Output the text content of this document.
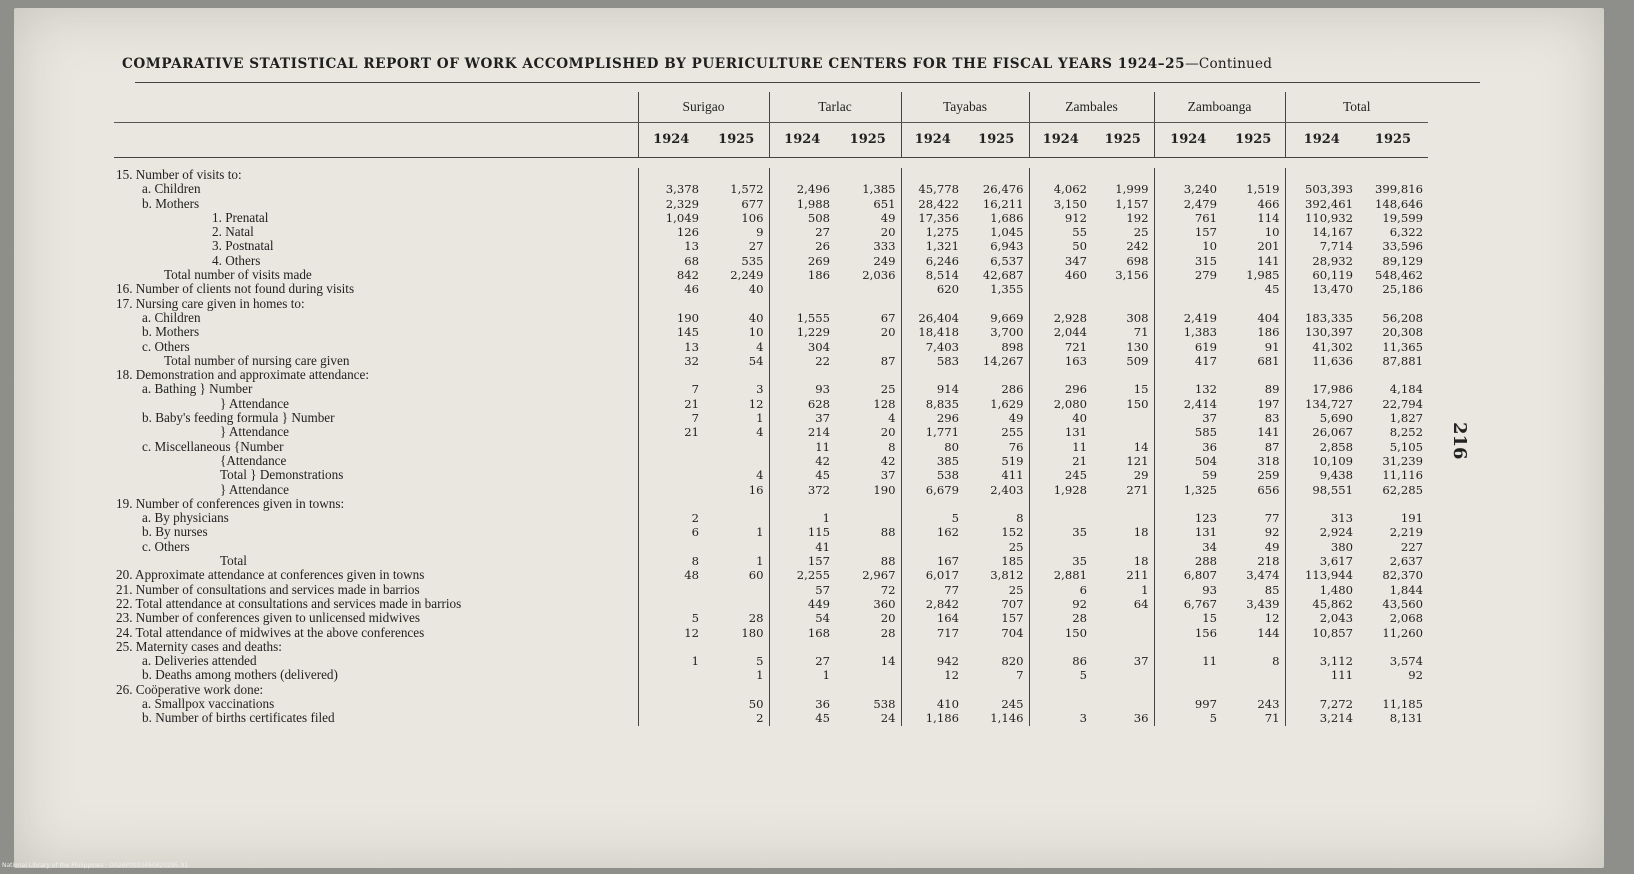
COMPARATIVE STATISTICAL REPORT OF WORK ACCOMPLISHED BY PUERICULTURE CENTERS FOR THE FISCAL YEARS 1924–25—Continued
	Surigao		Tarlac		Tayabas		Zambales		Zamboanga		Total	
	1924	1925	1924	1925	1924	1925	1924	1925	1924	1925	1924	1925

15. Number of visits to:												
a. Children	3,378	1,572	2,496	1,385	45,778	26,476	4,062	1,999	3,240	1,519	503,393	399,816
b. Mothers	2,329	677	1,988	651	28,422	16,211	3,150	1,157	2,479	466	392,461	148,646
1. Prenatal	1,049	106	508	49	17,356	1,686	912	192	761	114	110,932	19,599
2. Natal	126	9	27	20	1,275	1,045	55	25	157	10	14,167	6,322
3. Postnatal	13	27	26	333	1,321	6,943	50	242	10	201	7,714	33,596
4. Others	68	535	269	249	6,246	6,537	347	698	315	141	28,932	89,129
Total number of visits made	842	2,249	186	2,036	8,514	42,687	460	3,156	279	1,985	60,119	548,462
16. Number of clients not found during visits	46	40			620	1,355				45	13,470	25,186
17. Nursing care given in homes to:												
a. Children	190	40	1,555	67	26,404	9,669	2,928	308	2,419	404	183,335	56,208
b. Mothers	145	10	1,229	20	18,418	3,700	2,044	71	1,383	186	130,397	20,308
c. Others	13	4	304		7,403	898	721	130	619	91	41,302	11,365
Total number of nursing care given	32	54	22	87	583	14,267	163	509	417	681	11,636	87,881
18. Demonstration and approximate attendance:												
a. Bathing } Number	7	3	93	25	914	286	296	15	132	89	17,986	4,184
} Attendance	21	12	628	128	8,835	1,629	2,080	150	2,414	197	134,727	22,794
b. Baby's feeding formula } Number	7	1	37	4	296	49	40		37	83	5,690	1,827
} Attendance	21	4	214	20	1,771	255	131		585	141	26,067	8,252
c. Miscellaneous {Number			11	8	80	76	11	14	36	87	2,858	5,105
{Attendance			42	42	385	519	21	121	504	318	10,109	31,239
Total } Demonstrations		4	45	37	538	411	245	29	59	259	9,438	11,116
} Attendance		16	372	190	6,679	2,403	1,928	271	1,325	656	98,551	62,285
19. Number of conferences given in towns:												
a. By physicians	2		1		5	8			123	77	313	191
b. By nurses	6	1	115	88	162	152	35	18	131	92	2,924	2,219
c. Others			41			25			34	49	380	227
Total	8	1	157	88	167	185	35	18	288	218	3,617	2,637
20. Approximate attendance at conferences given in towns	48	60	2,255	2,967	6,017	3,812	2,881	211	6,807	3,474	113,944	82,370
21. Number of consultations and services made in barrios			57	72	77	25	6	1	93	85	1,480	1,844
22. Total attendance at consultations and services made in barrios			449	360	2,842	707	92	64	6,767	3,439	45,862	43,560
23. Number of conferences given to unlicensed midwives	5	28	54	20	164	157	28		15	12	2,043	2,068
24. Total attendance of midwives at the above conferences	12	180	168	28	717	704	150		156	144	10,857	11,260
25. Maternity cases and deaths:												
a. Deliveries attended	1	5	27	14	942	820	86	37	11	8	3,112	3,574
b. Deaths among mothers (delivered)		1	1		12	7	5				111	92
26. Coöperative work done:												
a. Smallpox vaccinations		50	36	538	410	245			997	243	7,272	11,185
b. Number of births certificates filed		2	45	24	1,186	1,146	3	36	5	71	3,214	8,131
216
National Library of the Philippines · D024P0003460820295.91
